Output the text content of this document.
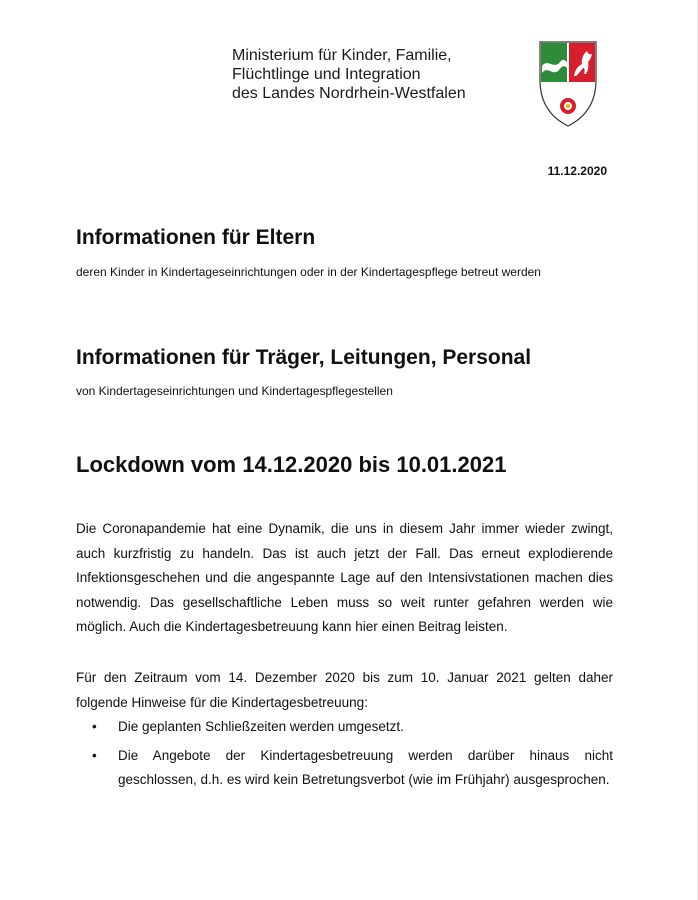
Ministerium für Kinder, Familie,
Flüchtlinge und Integration
des Landes Nordrhein-Westfalen
11.12.2020
Informationen für Eltern
deren Kinder in Kindertageseinrichtungen oder in der Kindertagespflege betreut werden
Informationen für Träger, Leitungen, Personal
von Kindertageseinrichtungen und Kindertagespflegestellen
Lockdown vom 14.12.2020 bis 10.01.2021

Die Coronapandemie hat eine Dynamik, die uns in diesem Jahr immer wieder zwingt, auch kurzfristig zu handeln. Das ist auch jetzt der Fall. Das erneut explodierende Infektionsgeschehen und die angespannte Lage auf den Intensivstationen machen dies notwendig. Das gesellschaftliche Leben muss so weit runter gefahren werden wie möglich. Auch die Kindertagesbetreuung kann hier einen Beitrag leisten.

Für den Zeitraum vom 14. Dezember 2020 bis zum 10. Januar 2021 gelten daher folgende Hinweise für die Kindertagesbetreuung:

• Die geplanten Schließzeiten werden umgesetzt.
• Die Angebote der Kindertagesbetreuung werden darüber hinaus nicht geschlossen, d.h. es wird kein Betretungsverbot (wie im Frühjahr) ausgesprochen.
